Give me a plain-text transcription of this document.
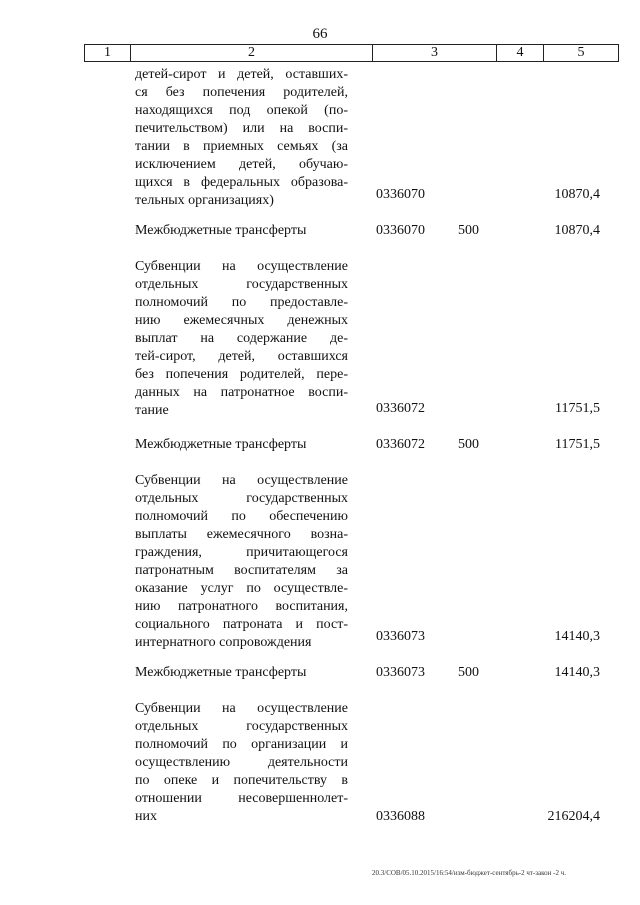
66
1	2	3	4	5
детей-сирот и детей, оставших-
ся без попечения родителей,
находящихся под опекой (по-
печительством) или на воспи-
тании в приемных семьях (за
исключением детей, обучаю-
щихся в федеральных образова-
тельных организациях)	0336070	10870,4
Межбюджетные трансферты	0336070 500	10870,4
Субвенции на осуществление
отдельных государственных
полномочий по предоставле-
нию ежемесячных денежных
выплат на содержание де-
тей-сирот, детей, оставшихся
без попечения родителей, пере-
данных на патронатное воспи-
тание	0336072	11751,5
Межбюджетные трансферты	0336072 500	11751,5
Субвенции на осуществление
отдельных государственных
полномочий по обеспечению
выплаты ежемесячного возна-
граждения, причитающегося
патронатным воспитателям за
оказание услуг по осуществле-
нию патронатного воспитания,
социального патроната и пост-
интернатного сопровождения	0336073	14140,3
Межбюджетные трансферты	0336073 500	14140,3
Субвенции на осуществление
отдельных государственных
полномочий по организации и
осуществлению деятельности
по опеке и попечительству в
отношении несовершеннолет-
них	0336088	216204,4
20.3/СОВ/05.10.2015/16:54/изм-бюджет-сентябрь-2 чт-закон -2 ч.
